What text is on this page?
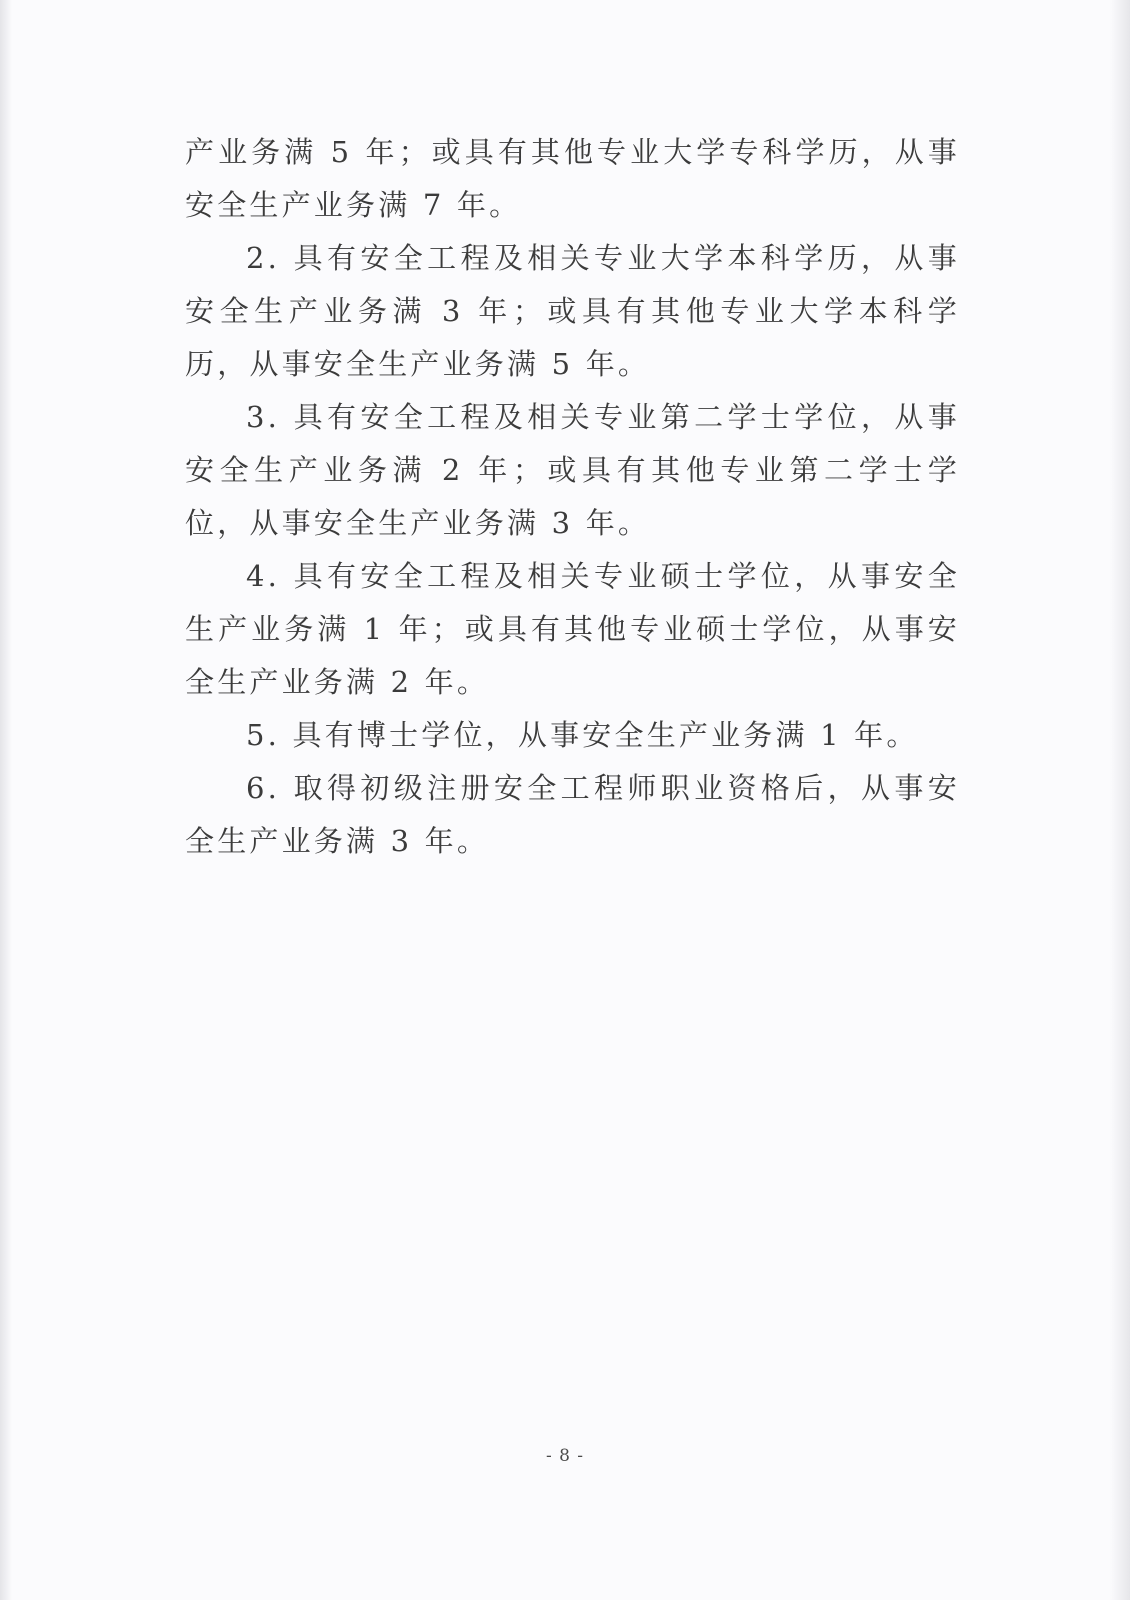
产业务满 5 年；或具有其他专业大学专科学历，从事安全生产业务满 7 年。

2. 具有安全工程及相关专业大学本科学历，从事安全生产业务满 3 年；或具有其他专业大学本科学历，从事安全生产业务满 5 年。

3. 具有安全工程及相关专业第二学士学位，从事安全生产业务满 2 年；或具有其他专业第二学士学位，从事安全生产业务满 3 年。

4. 具有安全工程及相关专业硕士学位，从事安全生产业务满 1 年；或具有其他专业硕士学位，从事安全生产业务满 2 年。

5. 具有博士学位，从事安全生产业务满 1 年。

6. 取得初级注册安全工程师职业资格后，从事安全生产业务满 3 年。

- 8 -
